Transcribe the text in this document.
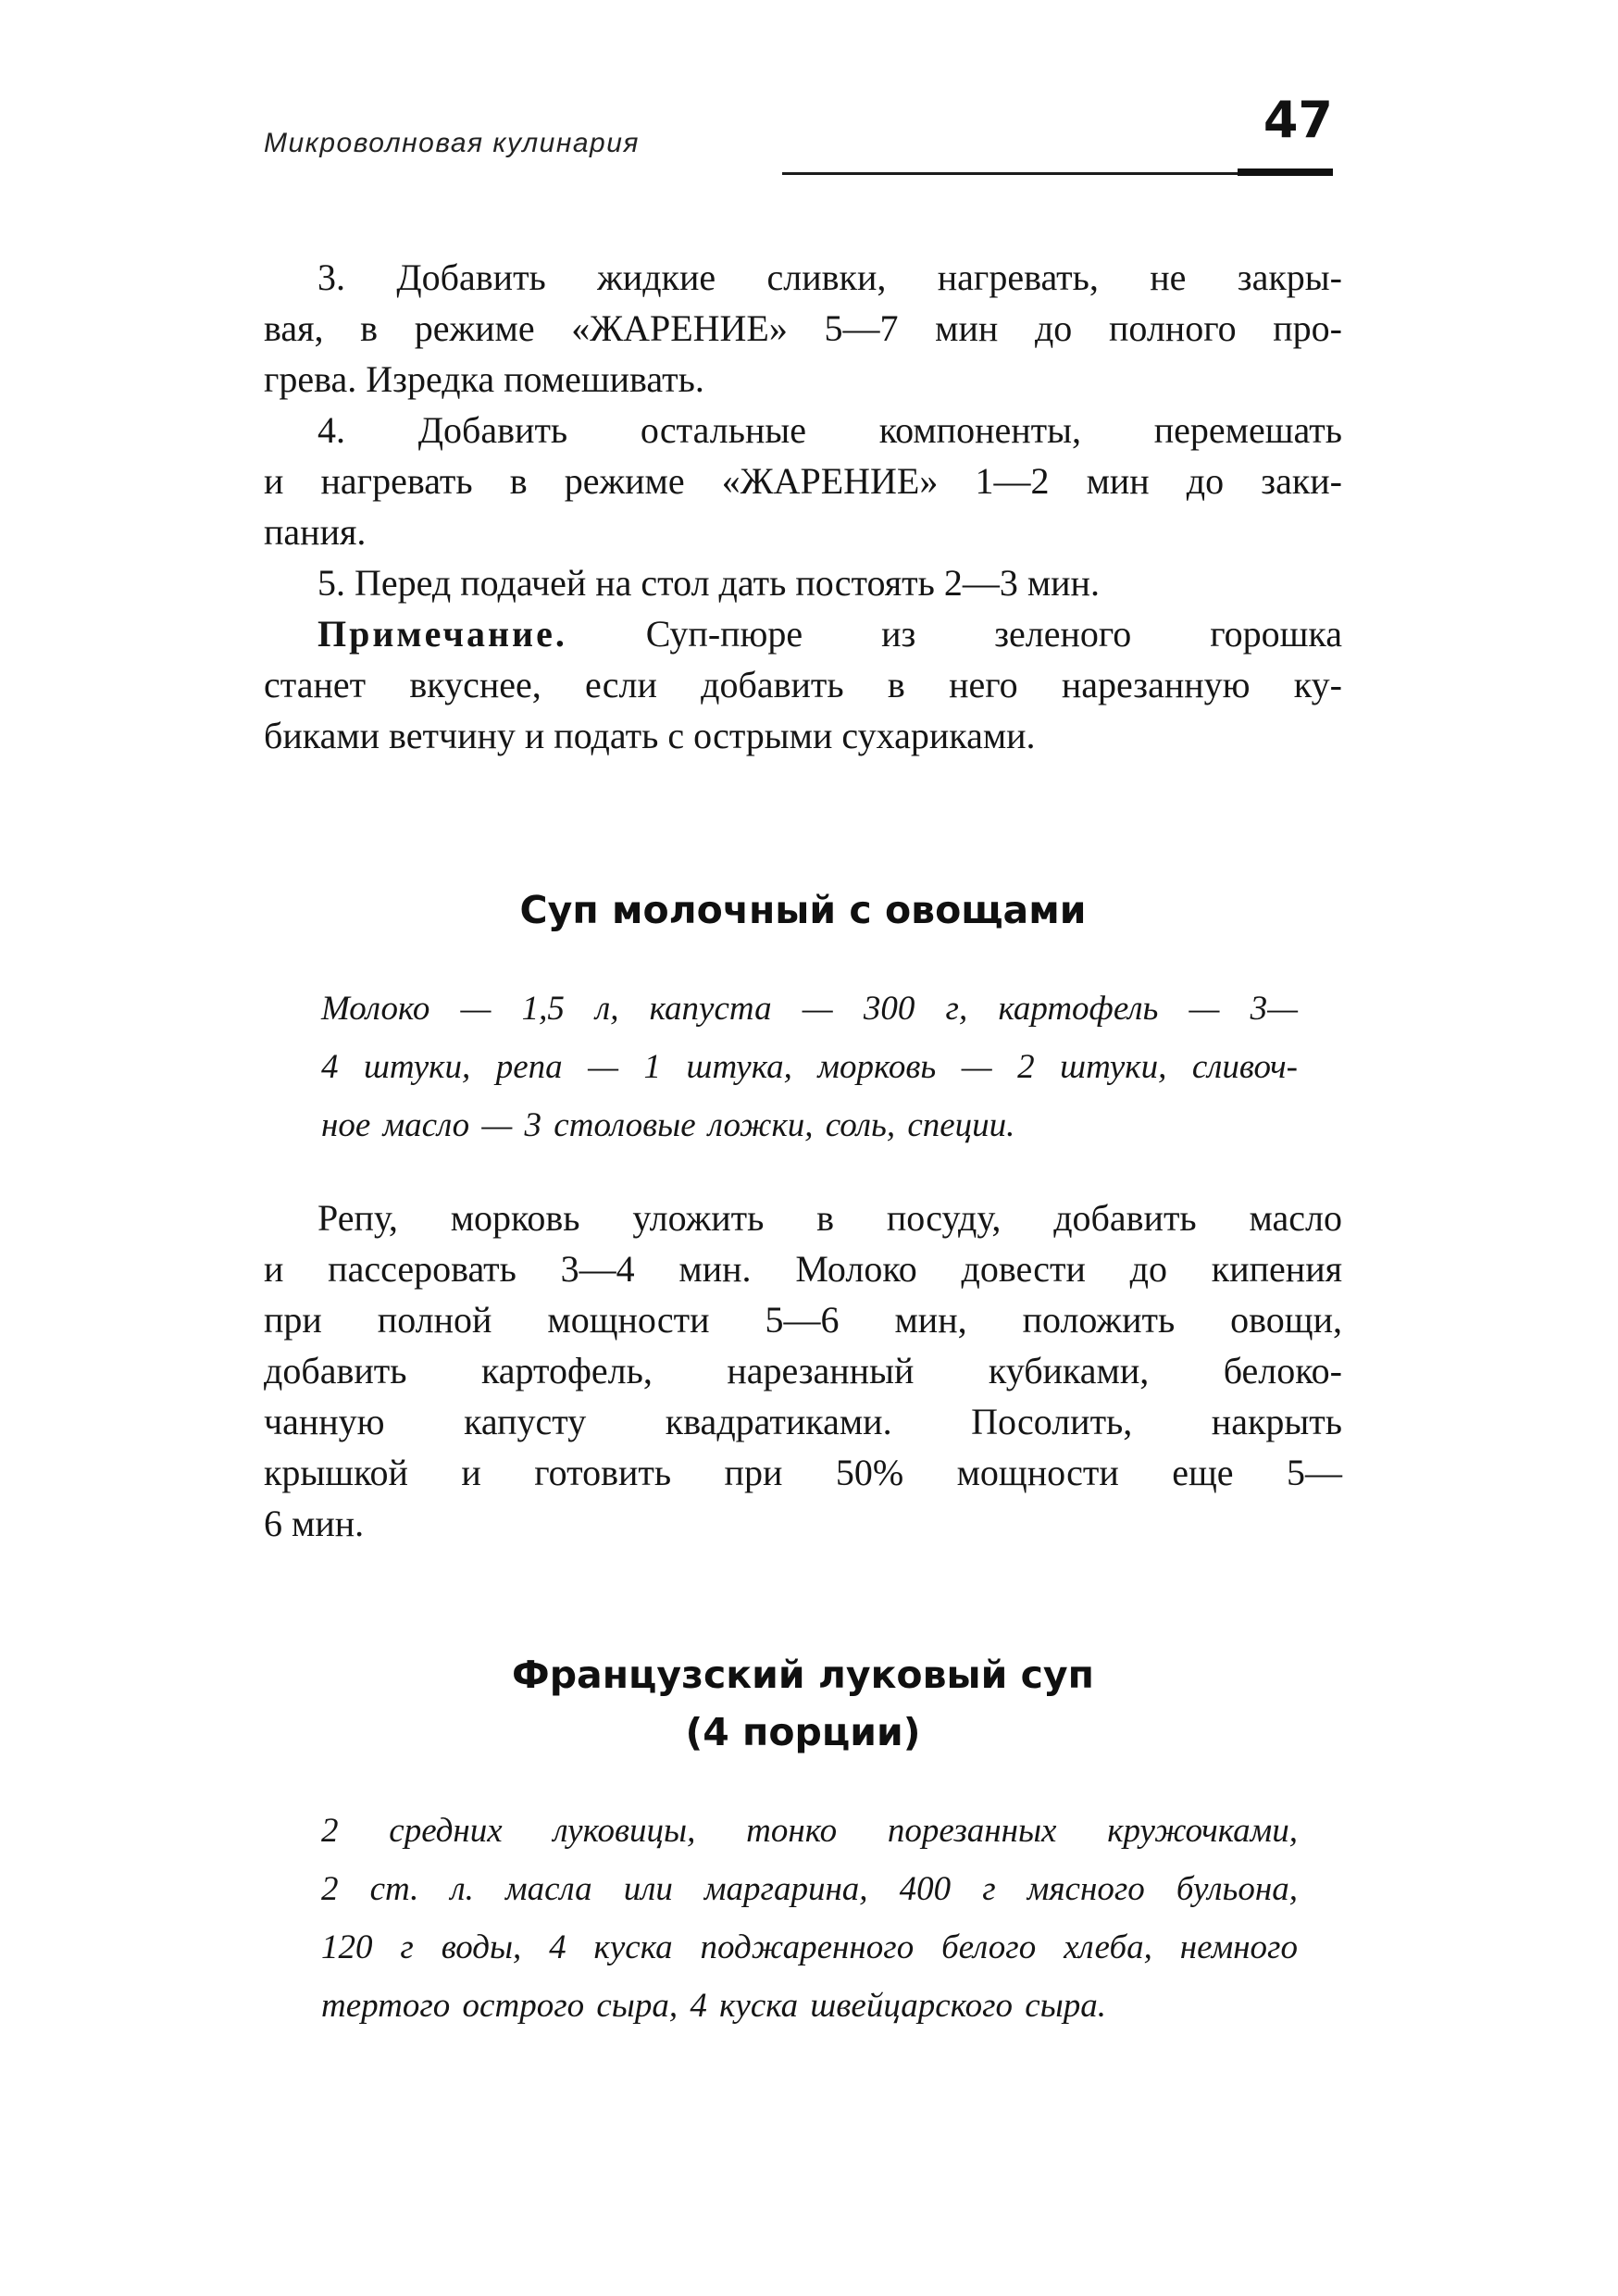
Микроволновая кулинария	47
3. Добавить жидкие сливки, нагревать, не закры-
вая, в режиме «ЖАРЕНИЕ» 5—7 мин до полного про-
грева. Изредка помешивать.
4. Добавить остальные компоненты, перемешать
и нагревать в режиме «ЖАРЕНИЕ» 1—2 мин до заки-
пания.
5. Перед подачей на стол дать постоять 2—3 мин.
Примечание. Суп-пюре из зеленого горошка
станет вкуснее, если добавить в него нарезанную ку-
биками ветчину и подать с острыми сухариками.
Суп молочный с овощами
Молоко — 1,5 л, капуста — 300 г, картофель — 3—
4 штуки, репа — 1 штука, морковь — 2 штуки, сливоч-
ное масло — 3 столовые ложки, соль, специи.
Репу, морковь уложить в посуду, добавить масло
и пассеровать 3—4 мин. Молоко довести до кипения
при полной мощности 5—6 мин, положить овощи,
добавить картофель, нарезанный кубиками, белоко-
чанную капусту квадратиками. Посолить, накрыть
крышкой и готовить при 50% мощности еще 5—
6 мин.
Французский луковый суп
(4 порции)
2 средних луковицы, тонко порезанных кружочками,
2 ст. л. масла или маргарина, 400 г мясного бульона,
120 г воды, 4 куска поджаренного белого хлеба, немного
тертого острого сыра, 4 куска швейцарского сыра.
